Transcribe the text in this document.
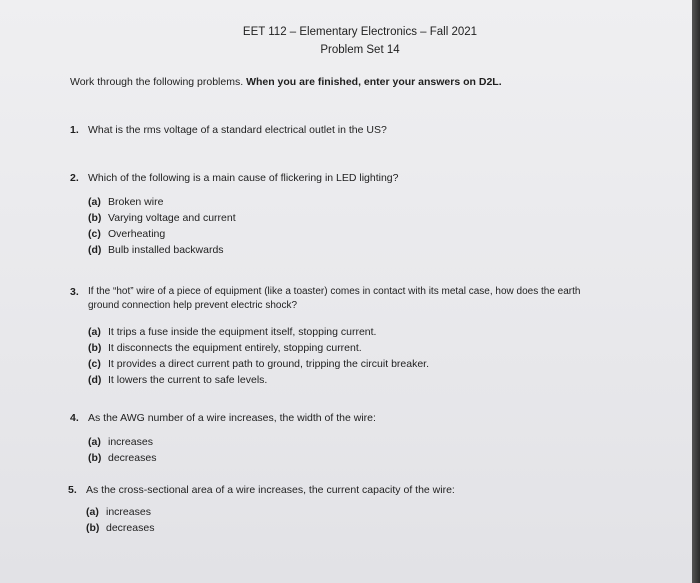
EET 112 – Elementary Electronics – Fall 2021
Problem Set 14
Work through the following problems. When you are finished, enter your answers on D2L.
1. What is the rms voltage of a standard electrical outlet in the US?
2. Which of the following is a main cause of flickering in LED lighting?
(a) Broken wire
(b) Varying voltage and current
(c) Overheating
(d) Bulb installed backwards
3. If the “hot” wire of a piece of equipment (like a toaster) comes in contact with its metal case, how does the earth
ground connection help prevent electric shock?
(a) It trips a fuse inside the equipment itself, stopping current.
(b) It disconnects the equipment entirely, stopping current.
(c) It provides a direct current path to ground, tripping the circuit breaker.
(d) It lowers the current to safe levels.
4. As the AWG number of a wire increases, the width of the wire:
(a) increases
(b) decreases
5. As the cross-sectional area of a wire increases, the current capacity of the wire:
(a) increases
(b) decreases
